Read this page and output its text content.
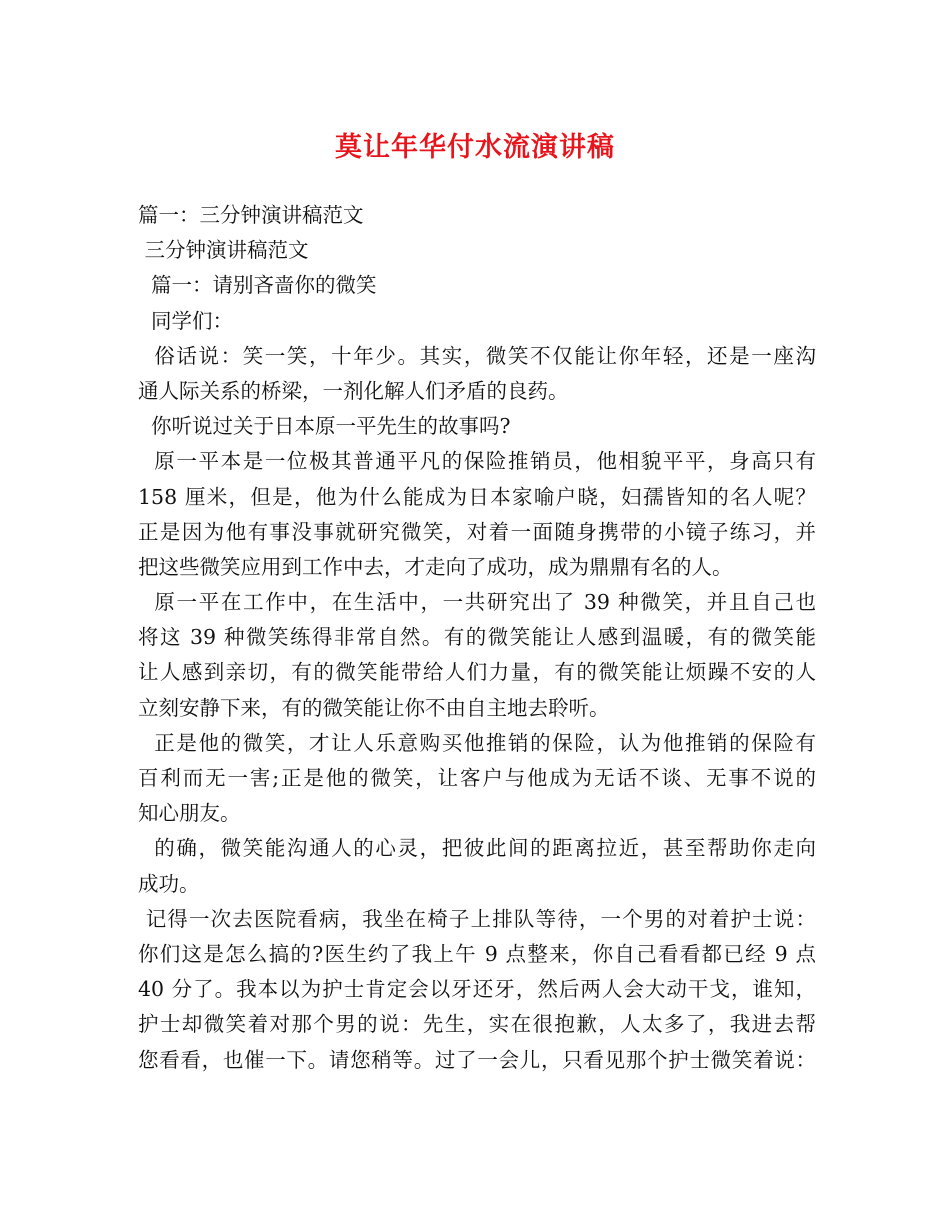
莫让年华付水流演讲稿
篇一：三分钟演讲稿范文
三分钟演讲稿范文
篇一：请别吝啬你的微笑
同学们：
俗话说：笑一笑，十年少。其实，微笑不仅能让你年轻，还是一座沟
通人际关系的桥梁，一剂化解人们矛盾的良药。
你听说过关于日本原一平先生的故事吗?
原一平本是一位极其普通平凡的保险推销员，他相貌平平，身高只有
158 厘米，但是，他为什么能成为日本家喻户晓，妇孺皆知的名人呢？
正是因为他有事没事就研究微笑，对着一面随身携带的小镜子练习，并
把这些微笑应用到工作中去，才走向了成功，成为鼎鼎有名的人。
原一平在工作中，在生活中，一共研究出了 39 种微笑，并且自己也
将这 39 种微笑练得非常自然。有的微笑能让人感到温暖，有的微笑能
让人感到亲切，有的微笑能带给人们力量，有的微笑能让烦躁不安的人
立刻安静下来，有的微笑能让你不由自主地去聆听。
正是他的微笑，才让人乐意购买他推销的保险，认为他推销的保险有
百利而无一害;正是他的微笑，让客户与他成为无话不谈、无事不说的
知心朋友。
的确，微笑能沟通人的心灵，把彼此间的距离拉近，甚至帮助你走向
成功。
记得一次去医院看病，我坐在椅子上排队等待，一个男的对着护士说：
你们这是怎么搞的?医生约了我上午 9 点整来，你自己看看都已经 9 点
40 分了。我本以为护士肯定会以牙还牙，然后两人会大动干戈，谁知，
护士却微笑着对那个男的说：先生，实在很抱歉，人太多了，我进去帮
您看看，也催一下。请您稍等。过了一会儿，只看见那个护士微笑着说：
